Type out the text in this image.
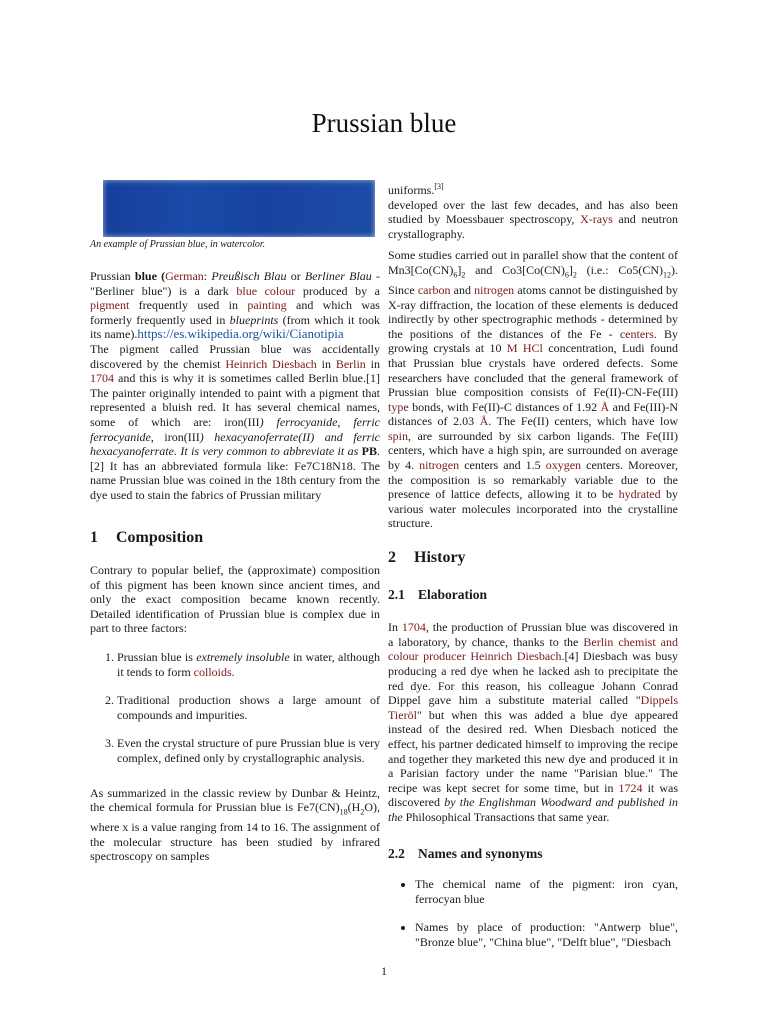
Prussian blue
An example of Prussian blue, in watercolor.

Prussian blue (German: Preußisch Blau or Berliner Blau - "Berliner blue") is a dark blue colour produced by a pigment frequently used in painting and which was formerly frequently used in blueprints (from which it took its name).https://es.wikipedia.org/wiki/Cianotipia

The pigment called Prussian blue was accidentally discovered by the chemist Heinrich Diesbach in Berlin in 1704 and this is why it is sometimes called Berlin blue.[1] The painter originally intended to paint with a pigment that represented a bluish red. It has several chemical names, some of which are: iron(III) ferrocyanide, ferric ferrocyanide, iron(III) hexacyanoferrate(II) and ferric hexacyanoferrate. It is very common to abbreviate it as PB.[2] It has an abbreviated formula like: Fe7C18N18. The name Prussian blue was coined in the 18th century from the dye used to stain the fabrics of Prussian military

1 Composition

Contrary to popular belief, the (approximate) composition of this pigment has been known since ancient times, and only the exact composition became known recently. Detailed identification of Prussian blue is complex due in part to three factors:

1. Prussian blue is extremely insoluble in water, although it tends to form colloids.
2. Traditional production shows a large amount of compounds and impurities.
3. Even the crystal structure of pure Prussian blue is very complex, defined only by crystallographic analysis.

As summarized in the classic review by Dunbar & Heintz, the chemical formula for Prussian blue is $Fe7(CN)_{18}(H_2O)$, where x is a value ranging from 14 to 16. The assignment of the molecular structure has been studied by infrared spectroscopy on samples

uniforms.[3]
developed over the last few decades, and has also been studied by Moessbauer spectroscopy, X-rays and neutron crystallography.

Some studies carried out in parallel show that the content of $Mn3[Co(CN)_6]_2$ and $Co3[Co(CN)_6]_2$ (i.e.: $Co5(CN)_{12}$). Since carbon and nitrogen atoms cannot be distinguished by X-ray diffraction, the location of these elements is deduced indirectly by other spectrographic methods - determined by the positions of the distances of the Fe - centers. By growing crystals at 10 M HCl concentration, Ludi found that Prussian blue crystals have ordered defects. Some researchers have concluded that the general framework of Prussian blue composition consists of Fe(II)-CN-Fe(III) type bonds, with Fe(II)-C distances of 1.92 Å and Fe(III)-N distances of 2.03 Å. The Fe(II) centers, which have low spin, are surrounded by six carbon ligands. The Fe(III) centers, which have a high spin, are surrounded on average by 4. nitrogen centers and 1.5 oxygen centers. Moreover, the composition is so remarkably variable due to the presence of lattice defects, allowing it to be hydrated by various water molecules incorporated into the crystalline structure.

2 History
2.1 Elaboration

In 1704, the production of Prussian blue was discovered in a laboratory, by chance, thanks to the Berlin chemist and colour producer Heinrich Diesbach.[4] Diesbach was busy producing a red dye when he lacked ash to precipitate the red dye. For this reason, his colleague Johann Conrad Dippel gave him a substitute material called "Dippels Tieröl" but when this was added a blue dye appeared instead of the desired red. When Diesbach noticed the effect, his partner dedicated himself to improving the recipe and together they marketed this new dye and produced it in a Parisian factory under the name "Parisian blue." The recipe was kept secret for some time, but in 1724 it was discovered by the Englishman Woodward and published in the Philosophical Transactions that same year.

2.2 Names and synonyms
• The chemical name of the pigment: iron cyan, ferrocyan blue
• Names by place of production: "Antwerp blue", "Bronze blue", "China blue", "Delft blue", "Diesbach
1
